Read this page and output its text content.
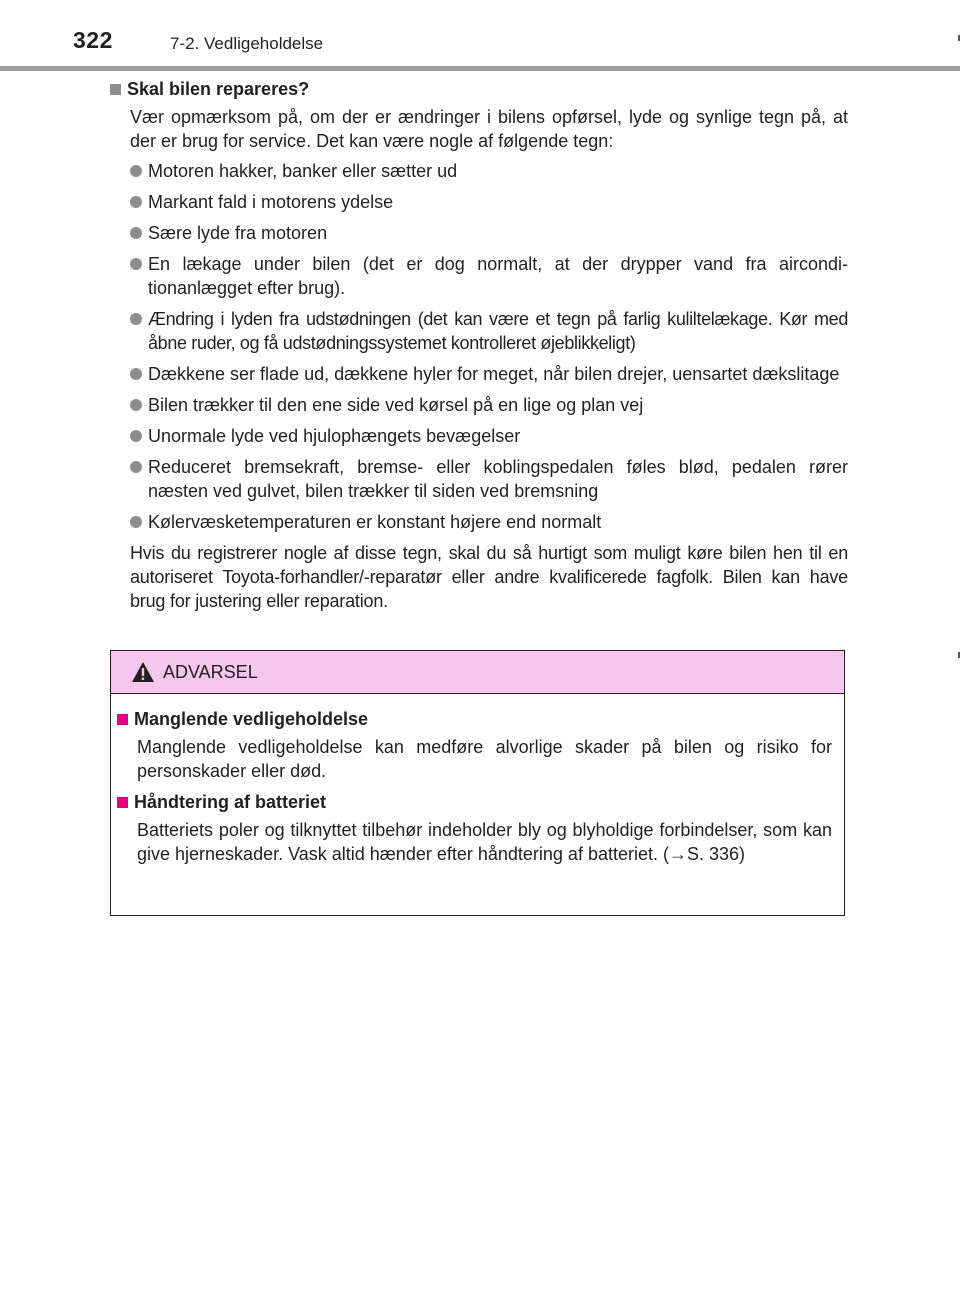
322	7-2. Vedligeholdelse
Skal bilen repareres?
Vær opmærksom på, om der er ændringer i bilens opførsel, lyde og synlige tegn på, at der er brug for service. Det kan være nogle af følgende tegn:
Motoren hakker, banker eller sætter ud
Markant fald i motorens ydelse
Sære lyde fra motoren
En lækage under bilen (det er dog normalt, at der drypper vand fra aircondi-tionanlægget efter brug).
Ændring i lyden fra udstødningen (det kan være et tegn på farlig kuliltelækage. Kør med åbne ruder, og få udstødningssystemet kontrolleret øjeblikkeligt)
Dækkene ser flade ud, dækkene hyler for meget, når bilen drejer, uensartet dækslitage
Bilen trækker til den ene side ved kørsel på en lige og plan vej
Unormale lyde ved hjulophængets bevægelser
Reduceret bremsekraft, bremse- eller koblingspedalen føles blød, pedalen rører næsten ved gulvet, bilen trækker til siden ved bremsning
Kølervæsketemperaturen er konstant højere end normalt
Hvis du registrerer nogle af disse tegn, skal du så hurtigt som muligt køre bilen hen til en autoriseret Toyota-forhandler/-reparatør eller andre kvalificerede fagfolk. Bilen kan have brug for justering eller reparation.
ADVARSEL
Manglende vedligeholdelse
Manglende vedligeholdelse kan medføre alvorlige skader på bilen og risiko for personskader eller død.
Håndtering af batteriet
Batteriets poler og tilknyttet tilbehør indeholder bly og blyholdige forbindelser, som kan give hjerneskader. Vask altid hænder efter håndtering af batteriet. (→S. 336)
